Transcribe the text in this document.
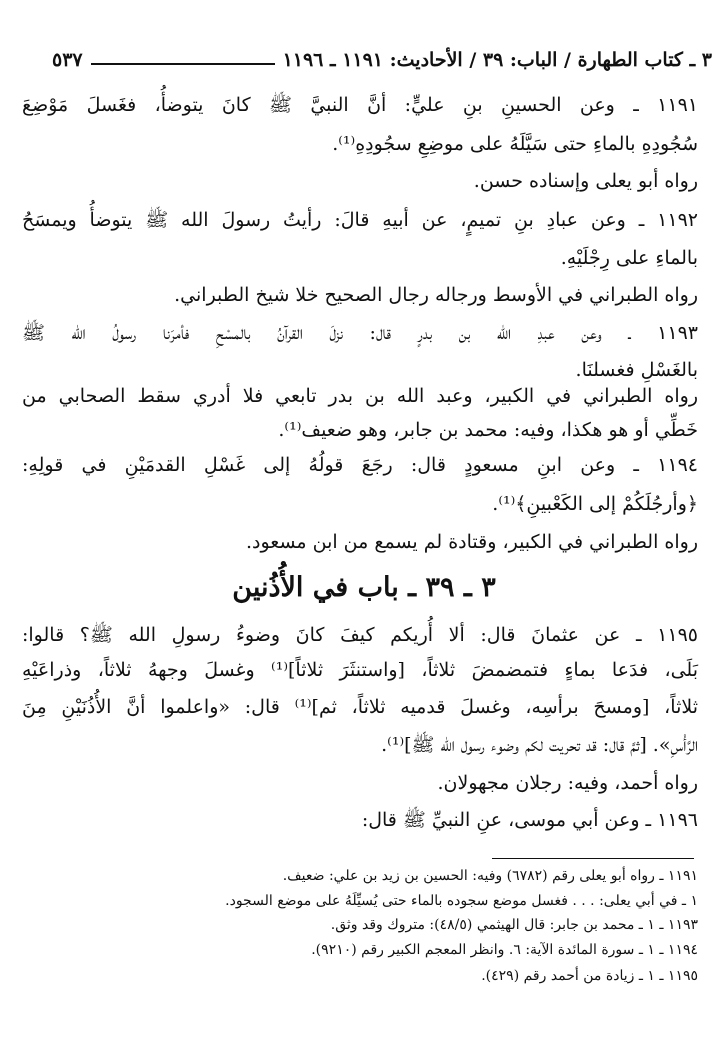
٥٣٧	٣ ـ كتاب الطهارة / الباب: ٣٩ / الأحاديث: ١١٩١ ـ ١١٩٦
١١٩١ ـ وعن الحسينِ بنِ عليٍّ: أنَّ النبيَّ ﷺ كانَ يتوضأُ، فغَسلَ مَوْضِعَ
سُجُودِهِ بالماءِ حتى سَيَّلَهُ على موضِعِ سجُودِهِ⁽¹⁾.
رواه أبو يعلى وإسناده حسن.
١١٩٢ ـ وعن عبادِ بنِ تميمٍ، عن أبيهِ قالَ: رأيتُ رسولَ الله ﷺ يتوضأُ ويمسَحُ
بالماءِ على رِجْلَيْهِ.
رواه الطبراني في الأوسط ورجاله رجال الصحيح خلا شيخ الطبراني.
١١٩٣ ـ وعن عبدِ الله بن بدرٍ قال: نزلَ القرآنُ بالمسْحِ فأمرَنا رسولُ الله ﷺ
بالغَسْلِ فغسلنَا.
رواه الطبراني في الكبير، وعبد الله بن بدر تابعي فلا أدري سقط الصحابي من
خَطِّي أو هو هكذا، وفيه: محمد بن جابر، وهو ضعيف⁽¹⁾.
١١٩٤ ـ وعن ابنِ مسعودٍ قال: رجَعَ قولُهُ إلى غَسْلِ القدمَيْنِ في قولِهِ:
﴿وأرجُلَكُمْ إلى الكَعْبينِ﴾⁽¹⁾.
رواه الطبراني في الكبير، وقتادة لم يسمع من ابن مسعود.
٣ ـ ٣٩ ـ باب في الأُذُنين
١١٩٥ ـ عن عثمانَ قال: ألا أُريكم كيفَ كانَ وضوءُ رسولِ الله ﷺ؟ قالوا:
بَلَى، فدَعا بماءٍ فتمضمضَ ثلاثاً، [واستنثَرَ ثلاثاً]⁽¹⁾ وغسلَ وجههُ ثلاثاً، وذراعَيْهِ
ثلاثاً، [ومسحَ برأسِه، وغسلَ قدميه ثلاثاً، ثم]⁽¹⁾ قال: «واعلموا أنَّ الأُذُنَيْنِ مِنَ
الرَّأْسِ». [ثمَّ قال: قد تحريت لكم وضوء رسول الله ﷺ]⁽¹⁾.
رواه أحمد، وفيه: رجلان مجهولان.
١١٩٦ ـ وعن أبي موسى، عنِ النبيِّ ﷺ قال:
١١٩١ ـ رواه أبو يعلى رقم (٦٧٨٢) وفيه: الحسين بن زيد بن علي: ضعيف.
١ ـ في أبي يعلى: . . . فغسل موضع سجوده بالماء حتى يُسيِّلَهُ على موضع السجود.
١١٩٣ ـ ١ ـ محمد بن جابر: قال الهيثمي (٤٨/٥): متروك وقد وثق.
١١٩٤ ـ ١ ـ سورة المائدة الآية: ٦. وانظر المعجم الكبير رقم (٩٢١٠).
١١٩٥ ـ ١ ـ زيادة من أحمد رقم (٤٢٩).
